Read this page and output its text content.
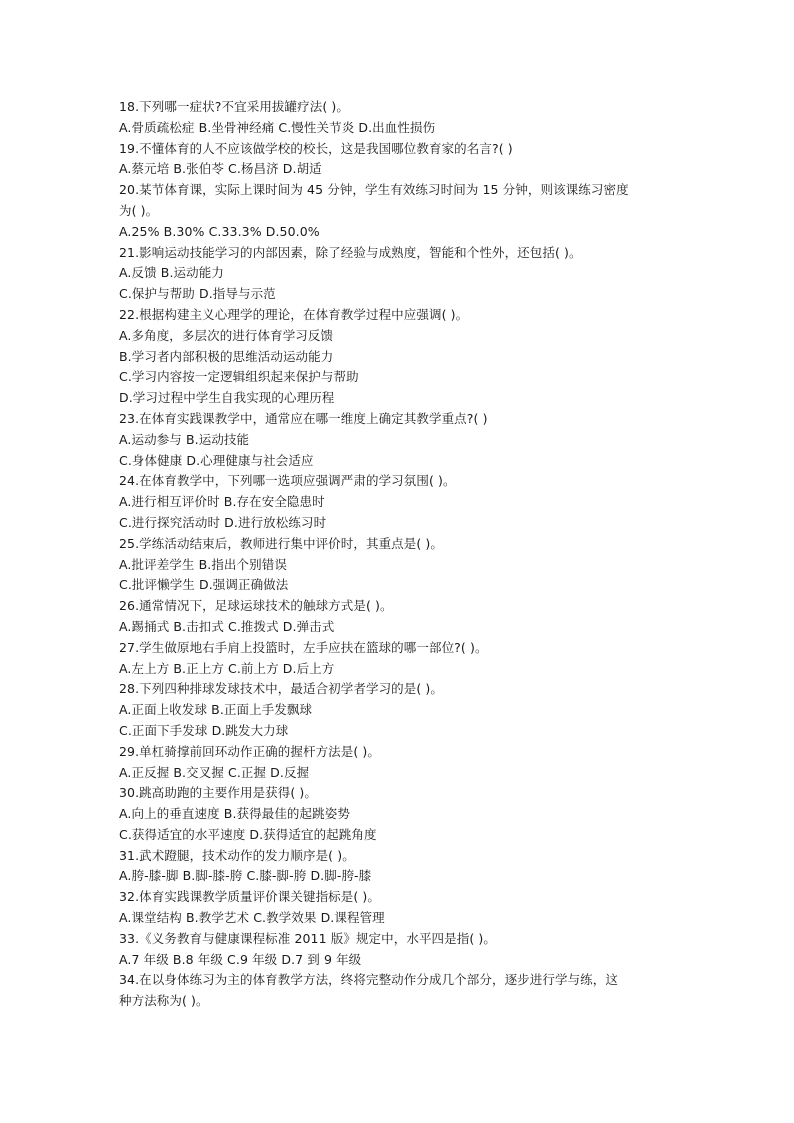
18.下列哪一症状?不宜采用拔罐疗法( )。
A.骨质疏松症 B.坐骨神经痛 C.慢性关节炎 D.出血性损伤
19.不懂体育的人不应该做学校的校长，这是我国哪位教育家的名言?( )
A.蔡元培 B.张伯苓 C.杨昌济 D.胡适
20.某节体育课，实际上课时间为 45 分钟，学生有效练习时间为 15 分钟，则该课练习密度
为( )。
A.25% B.30% C.33.3% D.50.0%
21.影响运动技能学习的内部因素，除了经验与成熟度，智能和个性外，还包括( )。
A.反馈 B.运动能力
C.保护与帮助 D.指导与示范
22.根据构建主义心理学的理论，在体育教学过程中应强调( )。
A.多角度，多层次的进行体育学习反馈
B.学习者内部积极的思维活动运动能力
C.学习内容按一定逻辑组织起来保护与帮助
D.学习过程中学生自我实现的心理历程
23.在体育实践课教学中，通常应在哪一维度上确定其教学重点?( )
A.运动参与 B.运动技能
C.身体健康 D.心理健康与社会适应
24.在体育教学中，下列哪一选项应强调严肃的学习氛围( )。
A.进行相互评价时 B.存在安全隐患时
C.进行探究活动时 D.进行放松练习时
25.学练活动结束后，教师进行集中评价时，其重点是( )。
A.批评差学生 B.指出个别错误
C.批评懒学生 D.强调正确做法
26.通常情况下，足球运球技术的触球方式是( )。
A.踢捅式 B.击扣式 C.推拨式 D.弹击式
27.学生做原地右手肩上投篮时，左手应扶在篮球的哪一部位?( )。
A.左上方 B.正上方 C.前上方 D.后上方
28.下列四种排球发球技术中，最适合初学者学习的是( )。
A.正面上收发球 B.正面上手发飘球
C.正面下手发球 D.跳发大力球
29.单杠骑撑前回环动作正确的握杆方法是( )。
A.正反握 B.交叉握 C.正握 D.反握
30.跳高助跑的主要作用是获得( )。
A.向上的垂直速度 B.获得最佳的起跳姿势
C.获得适宜的水平速度 D.获得适宜的起跳角度
31.武术蹬腿，技术动作的发力顺序是( )。
A.胯-膝-脚 B.脚-膝-胯 C.膝-脚-胯 D.脚-胯-膝
32.体育实践课教学质量评价课关键指标是( )。
A.课堂结构 B.教学艺术 C.教学效果 D.课程管理
33.《义务教育与健康课程标准 2011 版》规定中，水平四是指( )。
A.7 年级 B.8 年级 C.9 年级 D.7 到 9 年级
34.在以身体练习为主的体育教学方法，终将完整动作分成几个部分，逐步进行学与练，这
种方法称为( )。
